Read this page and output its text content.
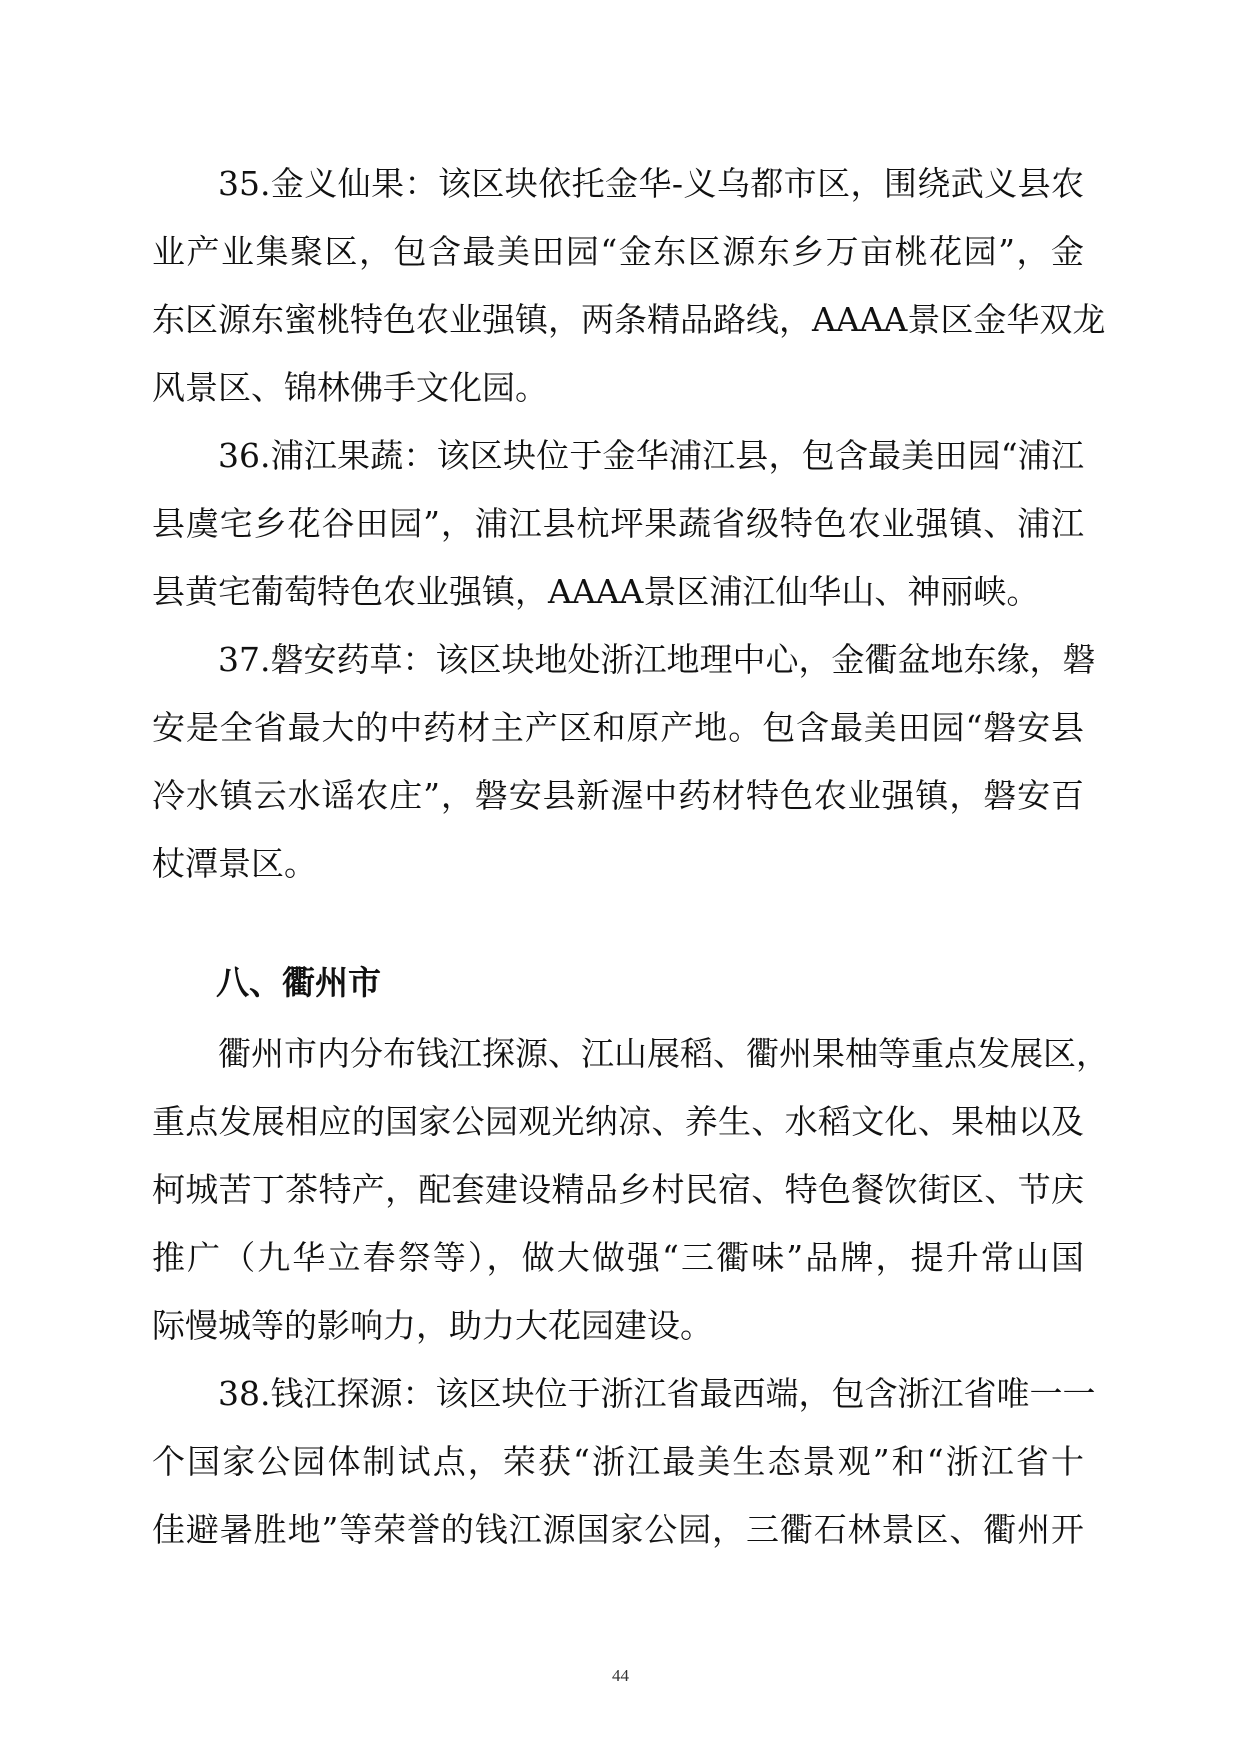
35.金义仙果：该区块依托金华-义乌都市区，围绕武义县农
业产业集聚区，包含最美田园“金东区源东乡万亩桃花园”，金
东区源东蜜桃特色农业强镇，两条精品路线，AAAA景区金华双龙
风景区、锦林佛手文化园。
36.浦江果蔬：该区块位于金华浦江县，包含最美田园“浦江
县虞宅乡花谷田园”，浦江县杭坪果蔬省级特色农业强镇、浦江
县黄宅葡萄特色农业强镇，AAAA景区浦江仙华山、神丽峡。
37.磐安药草：该区块地处浙江地理中心，金衢盆地东缘，磐
安是全省最大的中药材主产区和原产地。包含最美田园“磐安县
冷水镇云水谣农庄”，磐安县新渥中药材特色农业强镇，磐安百
杖潭景区。
八、衢州市
衢州市内分布钱江探源、江山展稻、衢州果柚等重点发展区，
重点发展相应的国家公园观光纳凉、养生、水稻文化、果柚以及
柯城苦丁茶特产，配套建设精品乡村民宿、特色餐饮街区、节庆
推广（九华立春祭等），做大做强“三衢味”品牌，提升常山国
际慢城等的影响力，助力大花园建设。
38.钱江探源：该区块位于浙江省最西端，包含浙江省唯一一
个国家公园体制试点，荣获“浙江最美生态景观”和“浙江省十
佳避暑胜地”等荣誉的钱江源国家公园，三衢石林景区、衢州开
44
